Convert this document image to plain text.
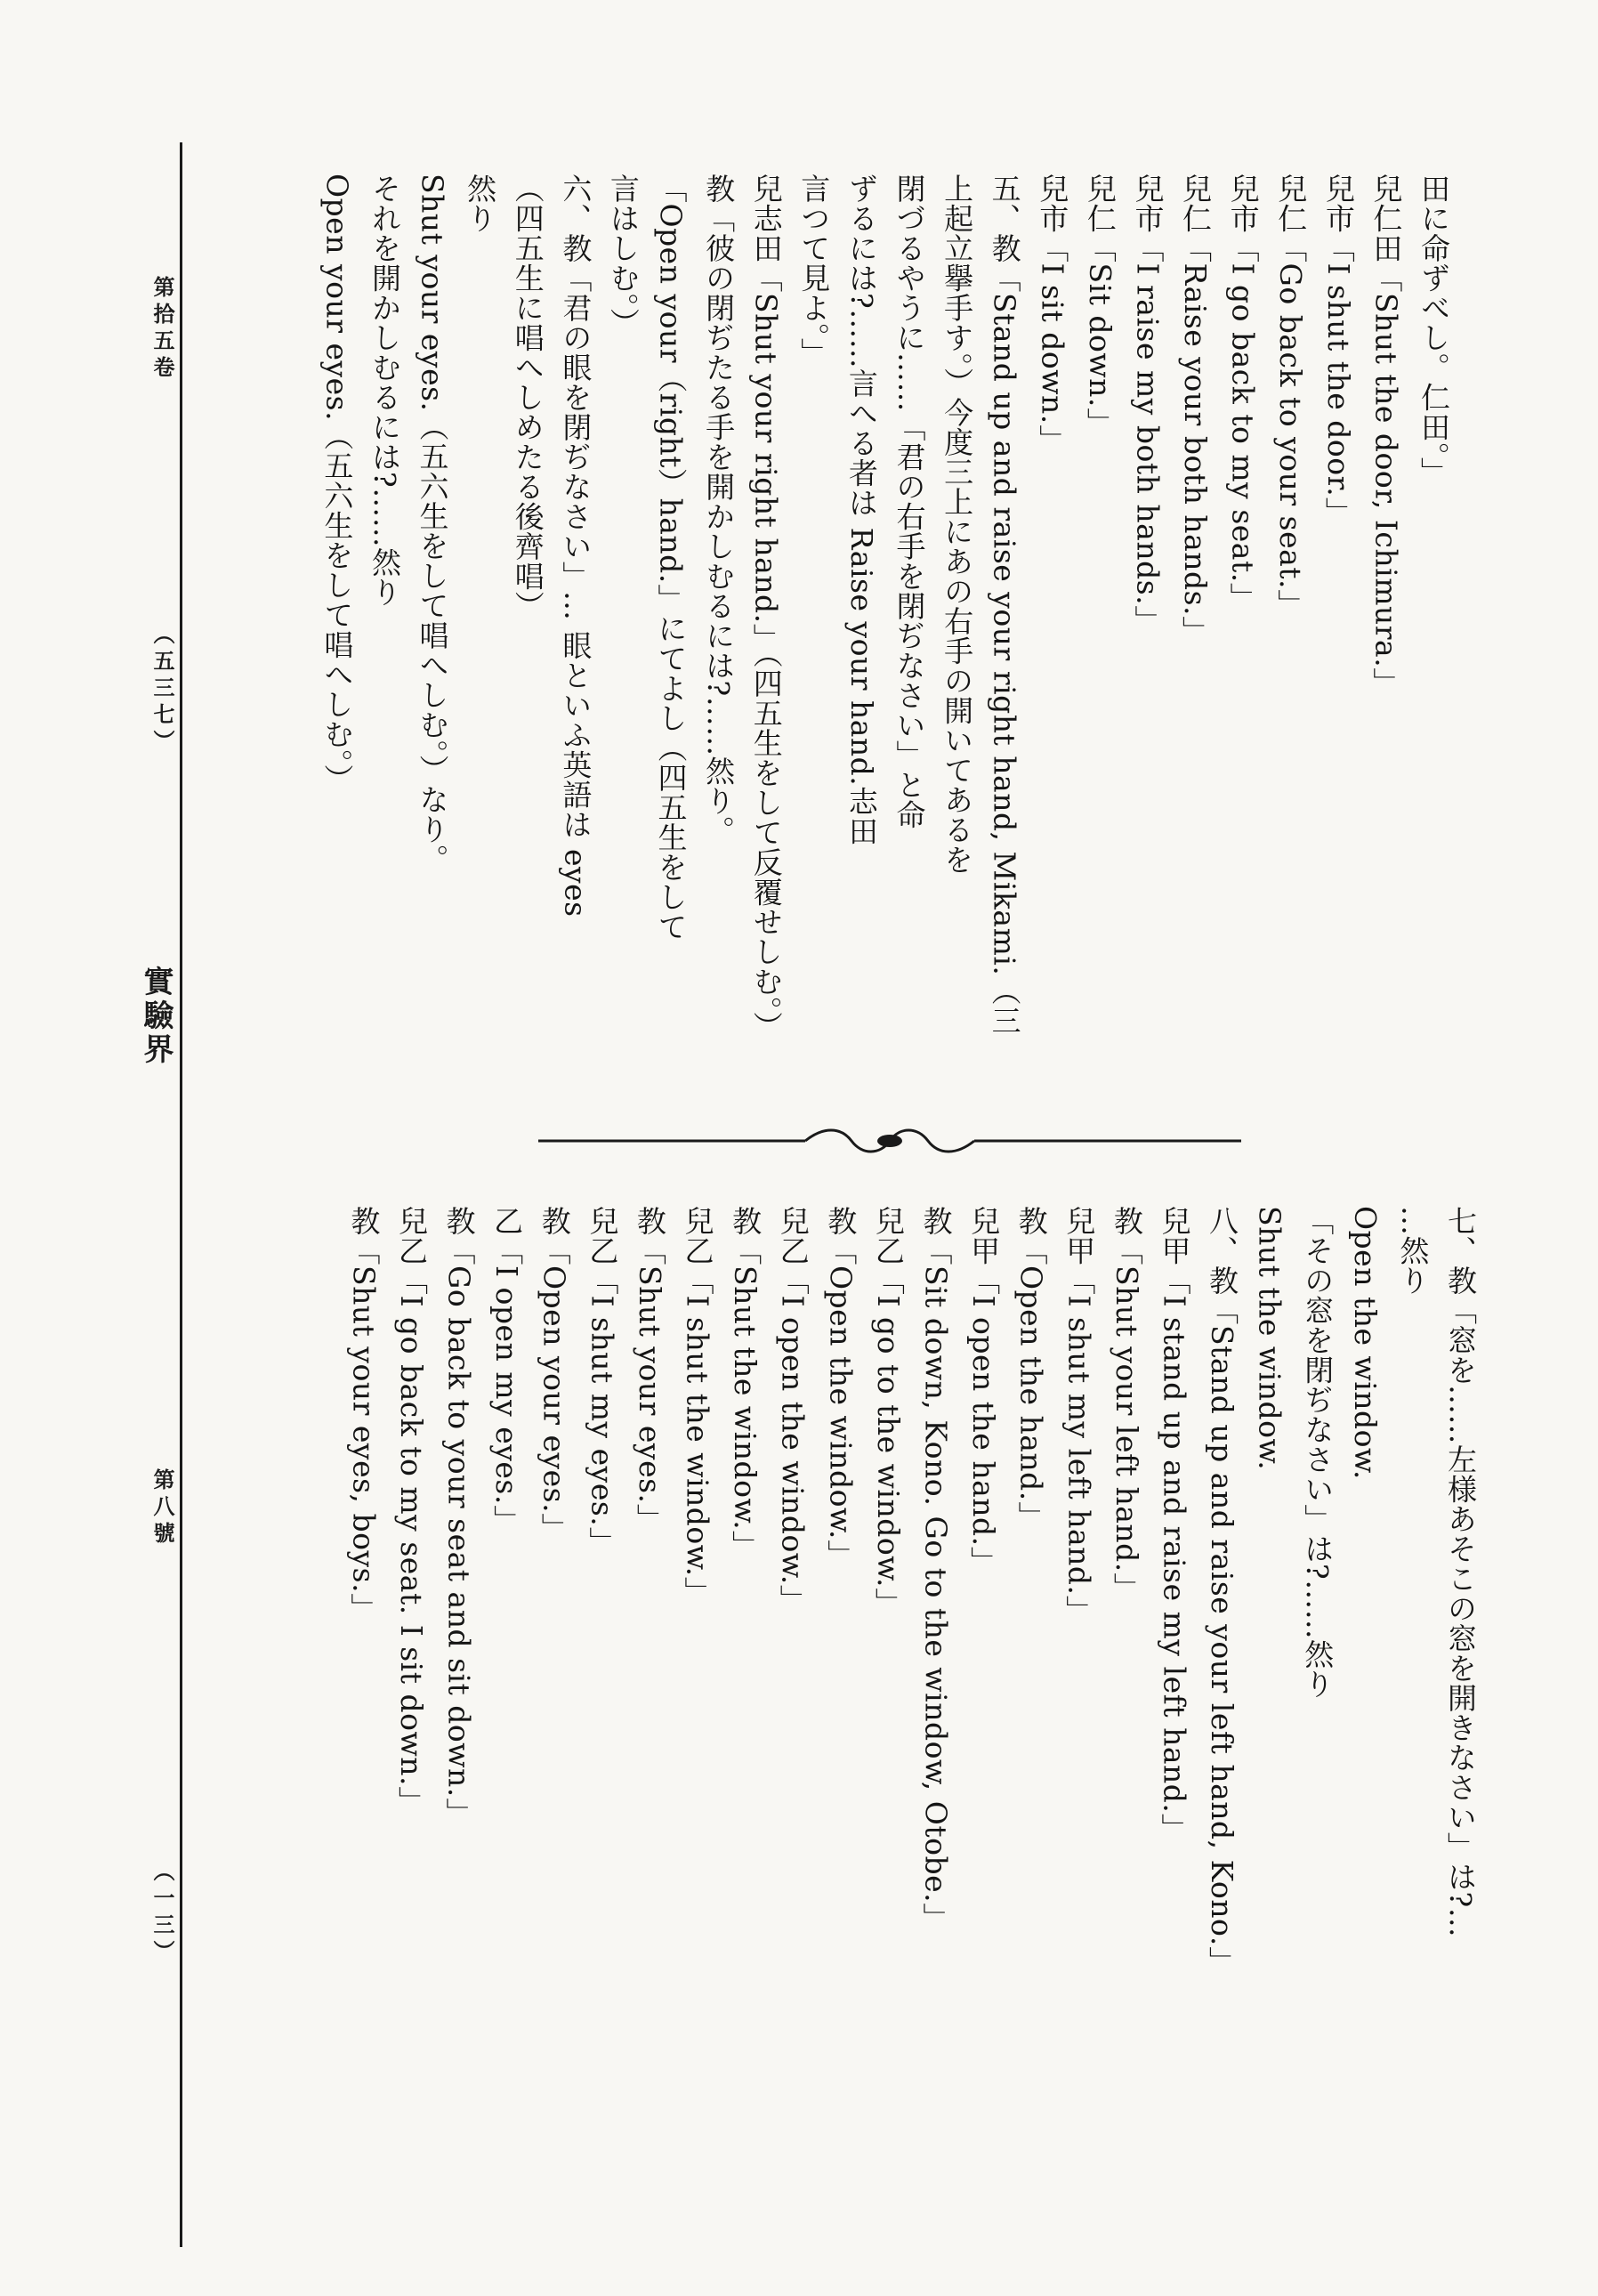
第拾五卷
（五三七）
實驗界
第八號
（一三）
田に命ずべし。仁田。」
兒仁田「Shut the door, Ichimura.」
兒市「I shut the door.」
兒仁「Go back to your seat.」
兒市「I go back to my seat.」
兒仁「Raise your both hands.」
兒市「I raise my both hands.」
兒仁「Sit down.」
兒市「I sit down.」
五、教「Stand up and raise your right hand, Mikami.（三
上起立擧手す。）今度三上にあの右手の開いてあるを
閉づるやうに……「君の右手を閉ぢなさい」と命
ずるには?……言へる者は Raise your hand.志田
言つて見よ。」
兒志田「Shut your right hand.」（四五生をして反覆せしむ。）
教「彼の閉ぢたる手を開かしむるには?……然り。
「Open your（right）hand.」にてよし（四五生をして
言はしむ。）
六、教「君の眼を閉ぢなさい」… 眼といふ英語は eyes
（四五生に唱へしめたる後齊唱）
然り
Shut your eyes.（五六生をして唱へしむ。）なり。
それを開かしむるには?……然り
Open your eyes.（五六生をして唱へしむ。）
七、教「窓を……左様あそこの窓を開きなさい」は?…
…然り
Open the window.
「その窓を閉ぢなさい」は?……然り
Shut the window.
八、教「Stand up and raise your left hand, Kono.」
兒甲「I stand up and raise my left hand.」
教「Shut your left hand.」
兒甲「I shut my left hand.」
教「Open the hand.」
兒甲「I open the hand.」
教「Sit down, Kono. Go to the window, Otobe.」
兒乙「I go to the window.」
教「Open the window.」
兒乙「I open the window.」
教「Shut the window.」
兒乙「I shut the window.」
教「Shut your eyes.」
兒乙「I shut my eyes.」
教「Open your eyes.」
乙「I open my eyes.」
教「Go back to your seat and sit down.」
兒乙「I go back to my seat. I sit down.」
教「Shut your eyes, boys.」
